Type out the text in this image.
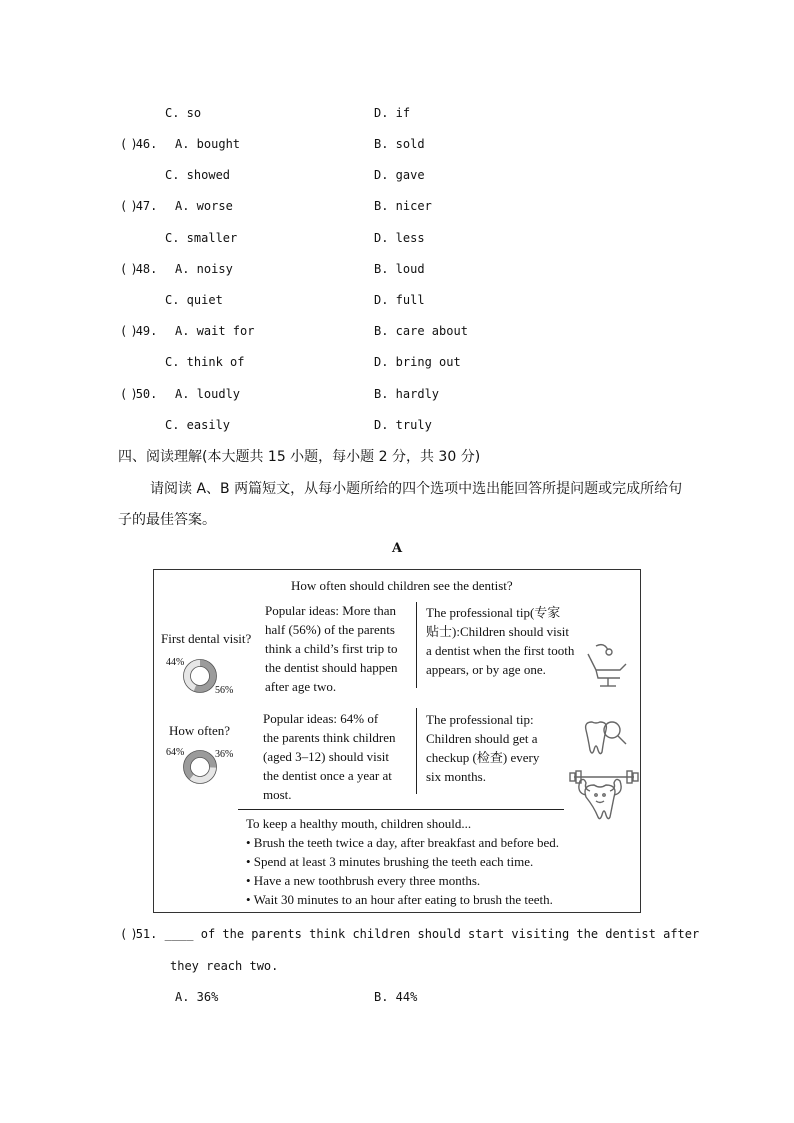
C. so	D. if
( )46. A. bought	B. sold
C. showed	D. gave
( )47. A. worse	B. nicer
C. smaller	D. less
( )48. A. noisy	B. loud
C. quiet	D. full
( )49. A. wait for	B. care about
C. think of	D. bring out
( )50. A. loudly	B. hardly
C. easily	D. truly
四、阅读理解(本大题共 15 小题，每小题 2 分，共 30 分)
请阅读 A、B 两篇短文，从每小题所给的四个选项中选出能回答所提问题或完成所给句
子的最佳答案。
A
How often should children see the dentist?
First dental visit?
44%
56%
Popular ideas: More than
half (56%) of the parents
think a child’s first trip to
the dentist should happen
after age two.
The professional tip(专家
贴士):Children should visit
a dentist when the first tooth
appears, or by age one.
How often?
64%	36%
Popular ideas: 64% of
the parents think children
(aged 3–12) should visit
the dentist once a year at
most.
The professional tip:
Children should get a
checkup (检查) every
six months.
To keep a healthy mouth, children should...
• Brush the teeth twice a day, after breakfast and before bed.
• Spend at least 3 minutes brushing the teeth each time.
• Have a new toothbrush every three months.
• Wait 30 minutes to an hour after eating to brush the teeth.
( )51. ____ of the parents think children should start visiting the dentist after
they reach two.
A. 36%	B. 44%
